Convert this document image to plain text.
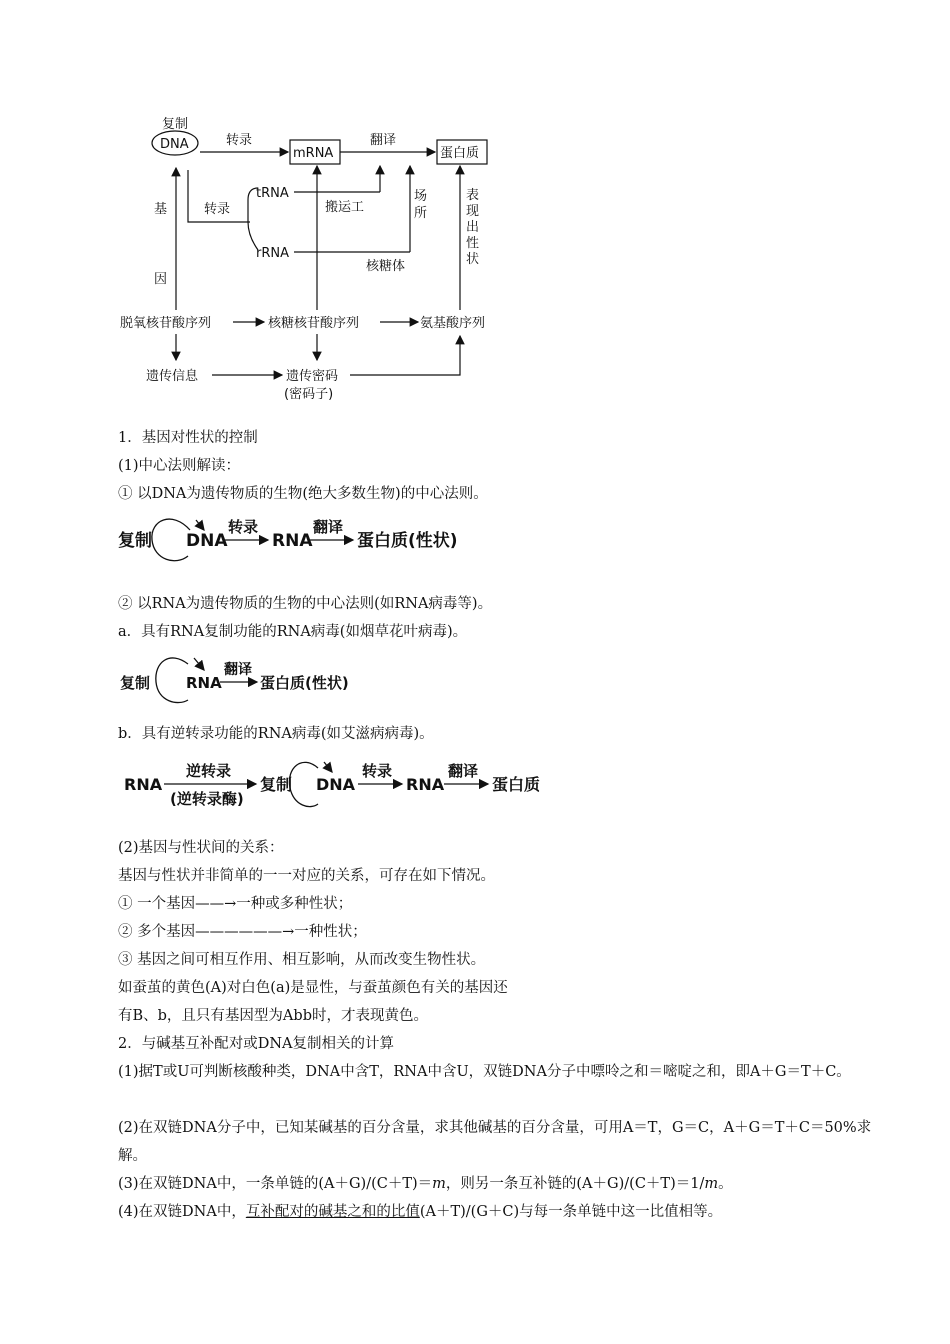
复制
DNA	转录
mRNA
翻译
蛋白质
转录
tRNA
rRNA
搬运工
核糖体
基
因
脱氧核苷酸序列	核糖核苷酸序列	氨基酸序列
遗传信息	遗传密码
(密码子)
场所
表现出性状
1．基因对性状的控制
(1)中心法则解读：
① 以DNA为遗传物质的生物(绝大多数生物)的中心法则。
复制 DNA
转录
RNA
翻译
蛋白质(性状)
② 以RNA为遗传物质的生物的中心法则(如RNA病毒等)。
a．具有RNA复制功能的RNA病毒(如烟草花叶病毒)。
复制 RNA
翻译
蛋白质(性状)
b．具有逆转录功能的RNA病毒(如艾滋病病毒)。
RNA
逆转录
(逆转录酶)
复制 DNA
转录
RNA
翻译
蛋白质
(2)基因与性状间的关系：
基因与性状并非简单的一一对应的关系，可存在如下情况。
① 一个基因——→一种或多种性状；
② 多个基因——————→一种性状；
③ 基因之间可相互作用、相互影响，从而改变生物性状。
如蚕茧的黄色(A)对白色(a)是显性，与蚕茧颜色有关的基因还
有B、b，且只有基因型为Abb时，才表现黄色。
2．与碱基互补配对或DNA复制相关的计算
(1)据T或U可判断核酸种类，DNA中含T，RNA中含U，双链DNA分子中嘌呤之和＝嘧啶之和，即A＋G＝T＋C。
(2)在双链DNA分子中，已知某碱基的百分含量，求其他碱基的百分含量，可用A＝T，G＝C，A＋G＝T＋C＝50%求解。
(3)在双链DNA中，一条单链的(A＋G)/(C＋T)＝m，则另一条互补链的(A＋G)/(C＋T)＝1/m。
(4)在双链DNA中，互补配对的碱基之和的比值(A＋T)/(G＋C)与每一条单链中这一比值相等。
